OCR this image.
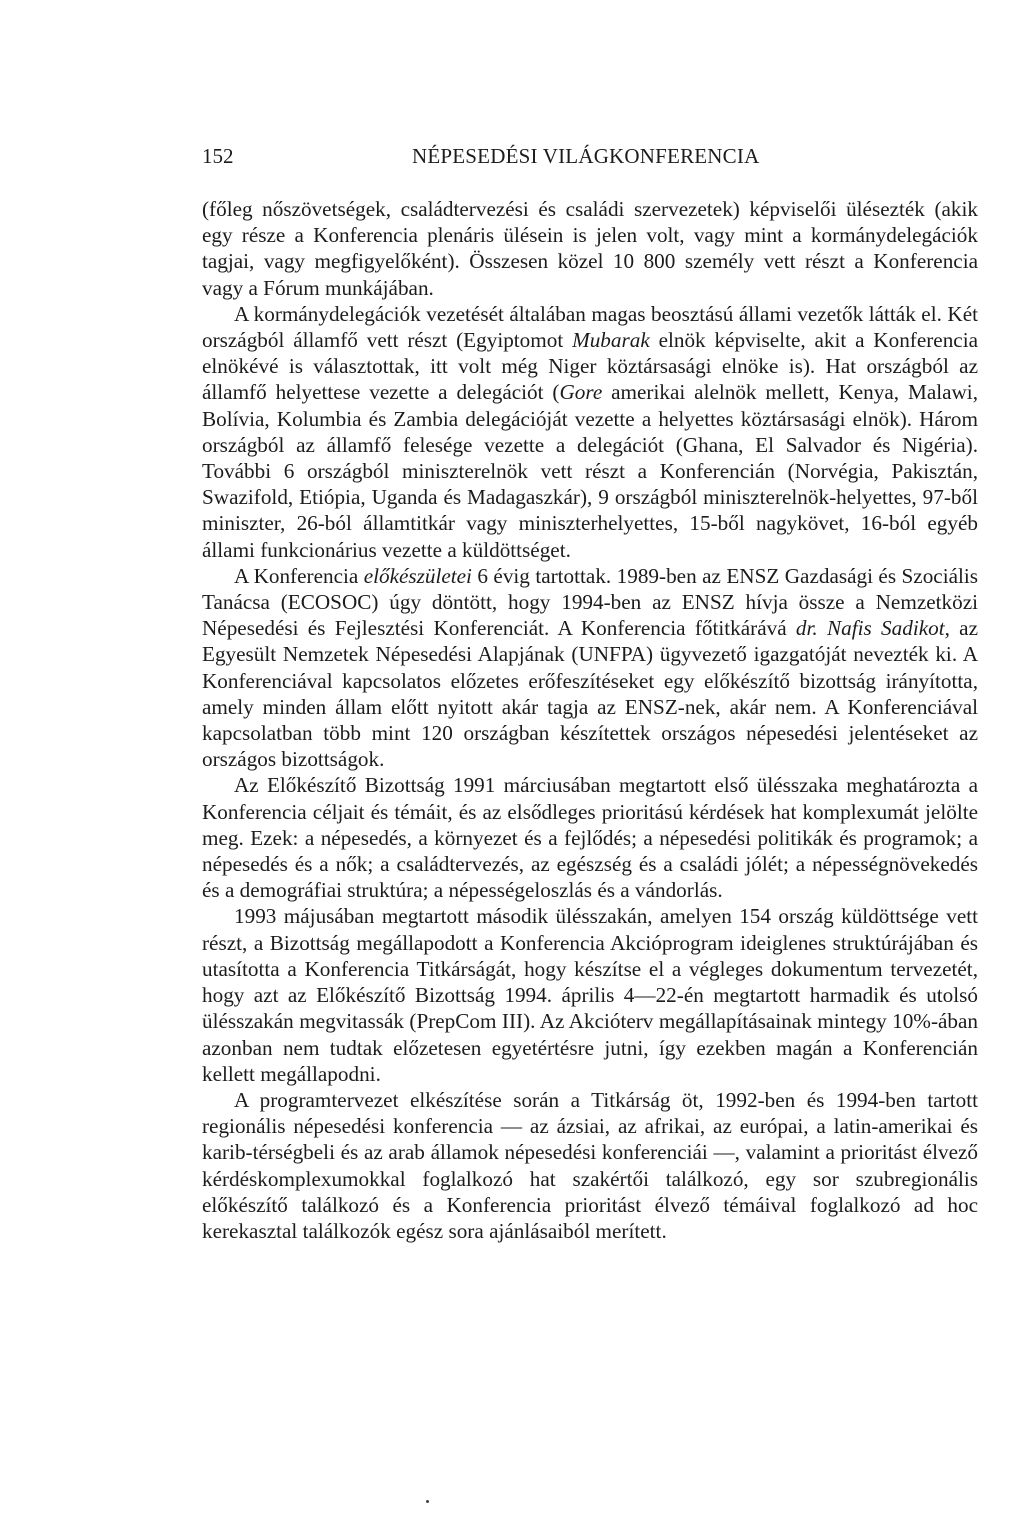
152	NÉPESEDÉSI VILÁGKONFERENCIA

(főleg nőszövetségek, családtervezési és családi szervezetek) képviselői ülésezték (akik egy része a Konferencia plenáris ülésein is jelen volt, vagy mint a kormánydelegációk tagjai, vagy megfigyelőként). Összesen közel 10 800 személy vett részt a Konferencia vagy a Fórum munkájában.

A kormánydelegációk vezetését általában magas beosztású állami vezetők látták el. Két országból államfő vett részt (Egyiptomot Mubarak elnök képviselte, akit a Konferencia elnökévé is választottak, itt volt még Niger köztársasági elnöke is). Hat országból az államfő helyettese vezette a delegációt (Gore amerikai alelnök mellett, Kenya, Malawi, Bolívia, Kolumbia és Zambia delegációját vezette a helyettes köztársasági elnök). Három országból az államfő felesége vezette a delegációt (Ghana, El Salvador és Nigéria). További 6 országból miniszterelnök vett részt a Konferencián (Norvégia, Pakisztán, Swazifold, Etiópia, Uganda és Madagaszkár), 9 országból miniszterelnök-helyettes, 97-ből miniszter, 26-ból államtitkár vagy miniszterhelyettes, 15-ből nagykövet, 16-ból egyéb állami funkcionárius vezette a küldöttséget.

A Konferencia előkészületei 6 évig tartottak. 1989-ben az ENSZ Gazdasági és Szociális Tanácsa (ECOSOC) úgy döntött, hogy 1994-ben az ENSZ hívja össze a Nemzetközi Népesedési és Fejlesztési Konferenciát. A Konferencia főtitkárává dr. Nafis Sadikot, az Egyesült Nemzetek Népesedési Alapjának (UNFPA) ügyvezető igazgatóját nevezték ki. A Konferenciával kapcsolatos előzetes erőfeszítéseket egy előkészítő bizottság irányította, amely minden állam előtt nyitott akár tagja az ENSZ-nek, akár nem. A Konferenciával kapcsolatban több mint 120 országban készítettek országos népesedési jelentéseket az országos bizottságok.

Az Előkészítő Bizottság 1991 márciusában megtartott első ülésszaka meghatározta a Konferencia céljait és témáit, és az elsődleges prioritású kérdések hat komplexumát jelölte meg. Ezek: a népesedés, a környezet és a fejlődés; a népesedési politikák és programok; a népesedés és a nők; a családtervezés, az egészség és a családi jólét; a népességnövekedés és a demográfiai struktúra; a népességeloszlás és a vándorlás.

1993 májusában megtartott második ülésszakán, amelyen 154 ország küldöttsége vett részt, a Bizottság megállapodott a Konferencia Akcióprogram ideiglenes struktúrájában és utasította a Konferencia Titkárságát, hogy készítse el a végleges dokumentum tervezetét, hogy azt az Előkészítő Bizottság 1994. április 4—22-én megtartott harmadik és utolsó ülésszakán megvitassák (PrepCom III). Az Akcióterv megállapításainak mintegy 10%-ában azonban nem tudtak előzetesen egyetértésre jutni, így ezekben magán a Konferencián kellett megállapodni.

A programtervezet elkészítése során a Titkárság öt, 1992-ben és 1994-ben tartott regionális népesedési konferencia — az ázsiai, az afrikai, az európai, a latin-amerikai és karib-térségbeli és az arab államok népesedési konferenciái —, valamint a prioritást élvező kérdéskomplexumokkal foglalkozó hat szakértői találkozó, egy sor szubregionális előkészítő találkozó és a Konferencia prioritást élvező témáival foglalkozó ad hoc kerekasztal találkozók egész sora ajánlásaiból merített.
